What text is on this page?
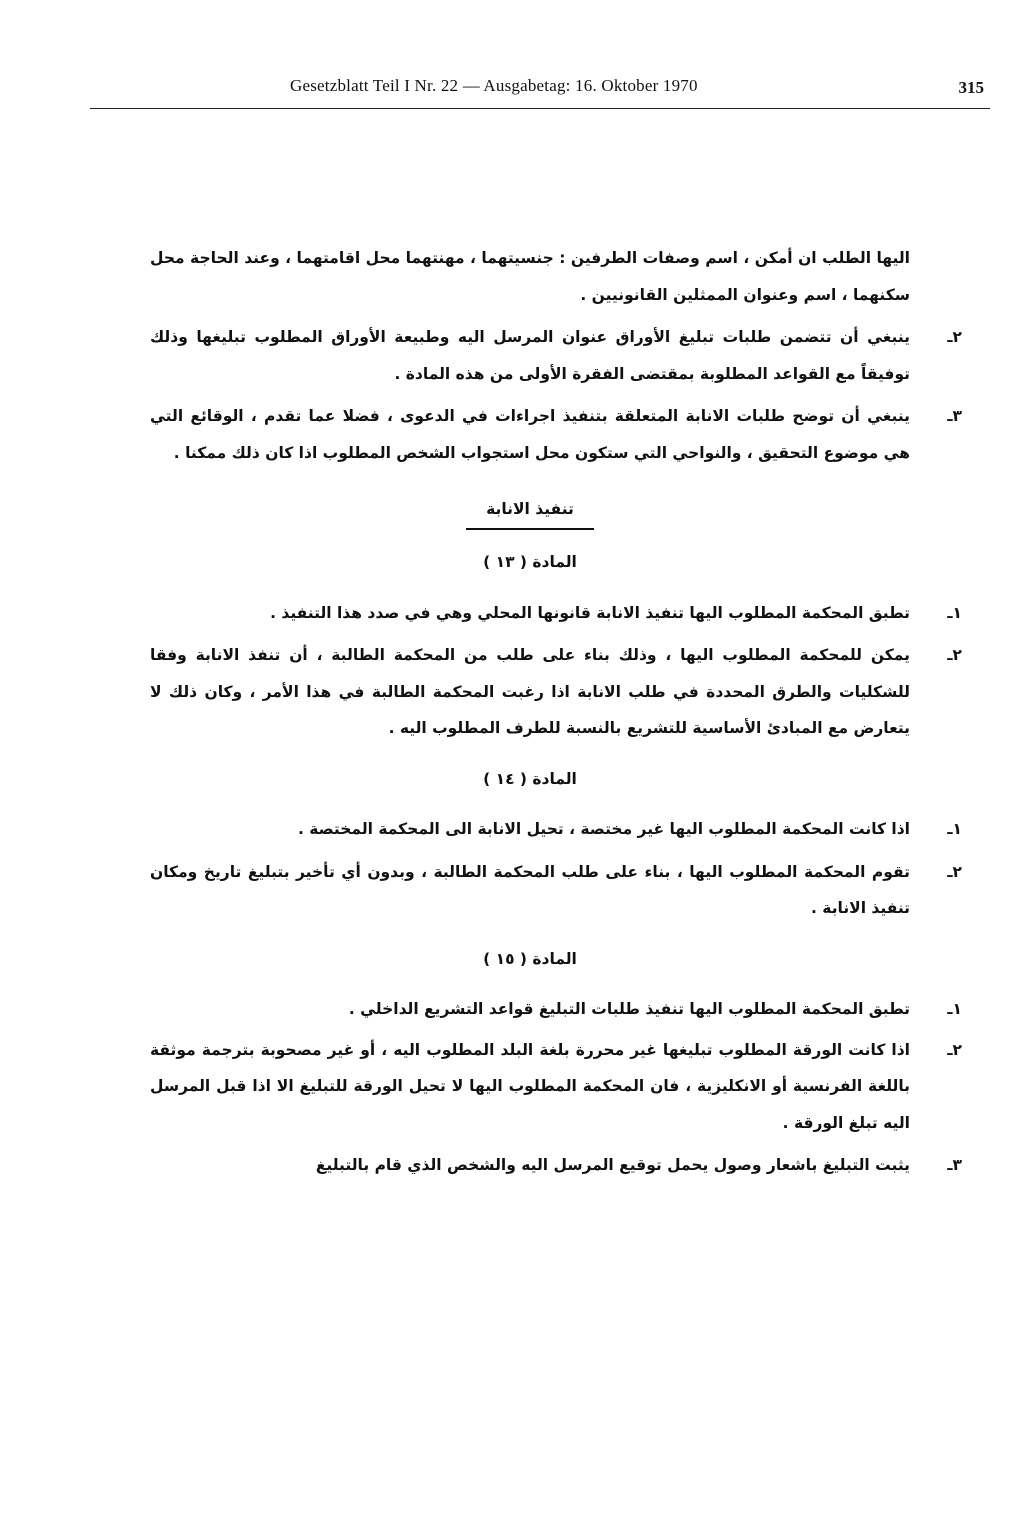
Gesetzblatt Teil I Nr. 22 — Ausgabetag: 16. Oktober 1970	315

اليها الطلب ان أمكن ، اسم وصفات الطرفين : جنسيتهما ، مهنتهما محل اقامتهما ، وعند الحاجة محل سكنهما ، اسم وعنوان الممثلين القانونيين .

٢ـ
ينبغي أن تتضمن طلبات تبليغ الأوراق عنوان المرسل اليه وطبيعة الأوراق المطلوب تبليغها وذلك توفيقاً مع القواعد المطلوبة بمقتضى الفقرة الأولى من هذه المادة .
٣ـ
ينبغي أن توضح طلبات الانابة المتعلقة بتنفيذ اجراءات في الدعوى ، فضلا عما تقدم ، الوقائع التي هي موضوع التحقيق ، والنواحي التي ستكون محل استجواب الشخص المطلوب اذا كان ذلك ممكنا .
تنفيذ الانابة
المادة ( ١٣ )
١ـ
تطبق المحكمة المطلوب اليها تنفيذ الانابة قانونها المحلي وهي في صدد هذا التنفيذ .
٢ـ
يمكن للمحكمة المطلوب اليها ، وذلك بناء على طلب من المحكمة الطالبة ، أن تنفذ الانابة وفقا للشكليات والطرق المحددة في طلب الانابة اذا رغبت المحكمة الطالبة في هذا الأمر ، وكان ذلك لا يتعارض مع المبادئ الأساسية للتشريع بالنسبة للطرف المطلوب اليه .
المادة ( ١٤ )
١ـ
اذا كانت المحكمة المطلوب اليها غير مختصة ، تحيل الانابة الى المحكمة المختصة .
٢ـ
تقوم المحكمة المطلوب اليها ، بناء على طلب المحكمة الطالبة ، وبدون أي تأخير بتبليغ تاريخ ومكان تنفيذ الانابة .
المادة ( ١٥ )
١ـ
تطبق المحكمة المطلوب اليها تنفيذ طلبات التبليغ قواعد التشريع الداخلي .
٢ـ
اذا كانت الورقة المطلوب تبليغها غير محررة بلغة البلد المطلوب اليه ، أو غير مصحوبة بترجمة موثقة باللغة الفرنسية أو الانكليزية ، فان المحكمة المطلوب اليها لا تحيل الورقة للتبليغ الا اذا قبل المرسل اليه تبلغ الورقة .
٣ـ
يثبت التبليغ باشعار وصول يحمل توقيع المرسل اليه والشخص الذي قام بالتبليغ
